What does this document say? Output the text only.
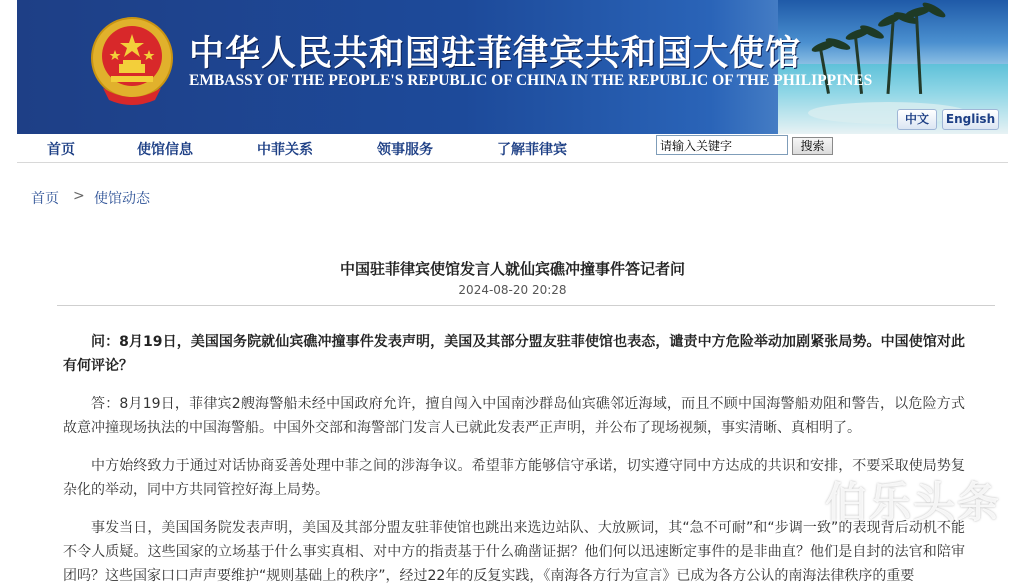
中华人民共和国驻菲律宾共和国大使馆
EMBASSY OF THE PEOPLE'S REPUBLIC OF CHINA IN THE REPUBLIC OF THE PHILIPPINES
中文	English
首页	使馆信息	中菲关系	领事服务	了解菲律宾	请输入关键字	搜索
首页 > 使馆动态
中国驻菲律宾使馆发言人就仙宾礁冲撞事件答记者问
2024-08-20 20:28

问：8月19日，美国国务院就仙宾礁冲撞事件发表声明，美国及其部分盟友驻菲使馆也表态，谴责中方危险举动加剧紧张局势。中国使馆对此有何评论？

答：8月19日，菲律宾2艘海警船未经中国政府允许，擅自闯入中国南沙群岛仙宾礁邻近海域，而且不顾中国海警船劝阻和警告，以危险方式故意冲撞现场执法的中国海警船。中国外交部和海警部门发言人已就此发表严正声明，并公布了现场视频，事实清晰、真相明了。

中方始终致力于通过对话协商妥善处理中菲之间的涉海争议。希望菲方能够信守承诺，切实遵守同中方达成的共识和安排，不要采取使局势复杂化的举动，同中方共同管控好海上局势。

事发当日，美国国务院发表声明，美国及其部分盟友驻菲使馆也跳出来选边站队、大放厥词，其“急不可耐”和“步调一致”的表现背后动机不能不令人质疑。这些国家的立场基于什么事实真相、对中方的指责基于什么确凿证据？他们何以迅速断定事件的是非曲直？他们是自封的法官和陪审团吗？这些国家口口声声要维护“规则基础上的秩序”，经过22年的反复实践，《南海各方行为宣言》已成为各方公认的南海法律秩序的重要

伯乐头条
